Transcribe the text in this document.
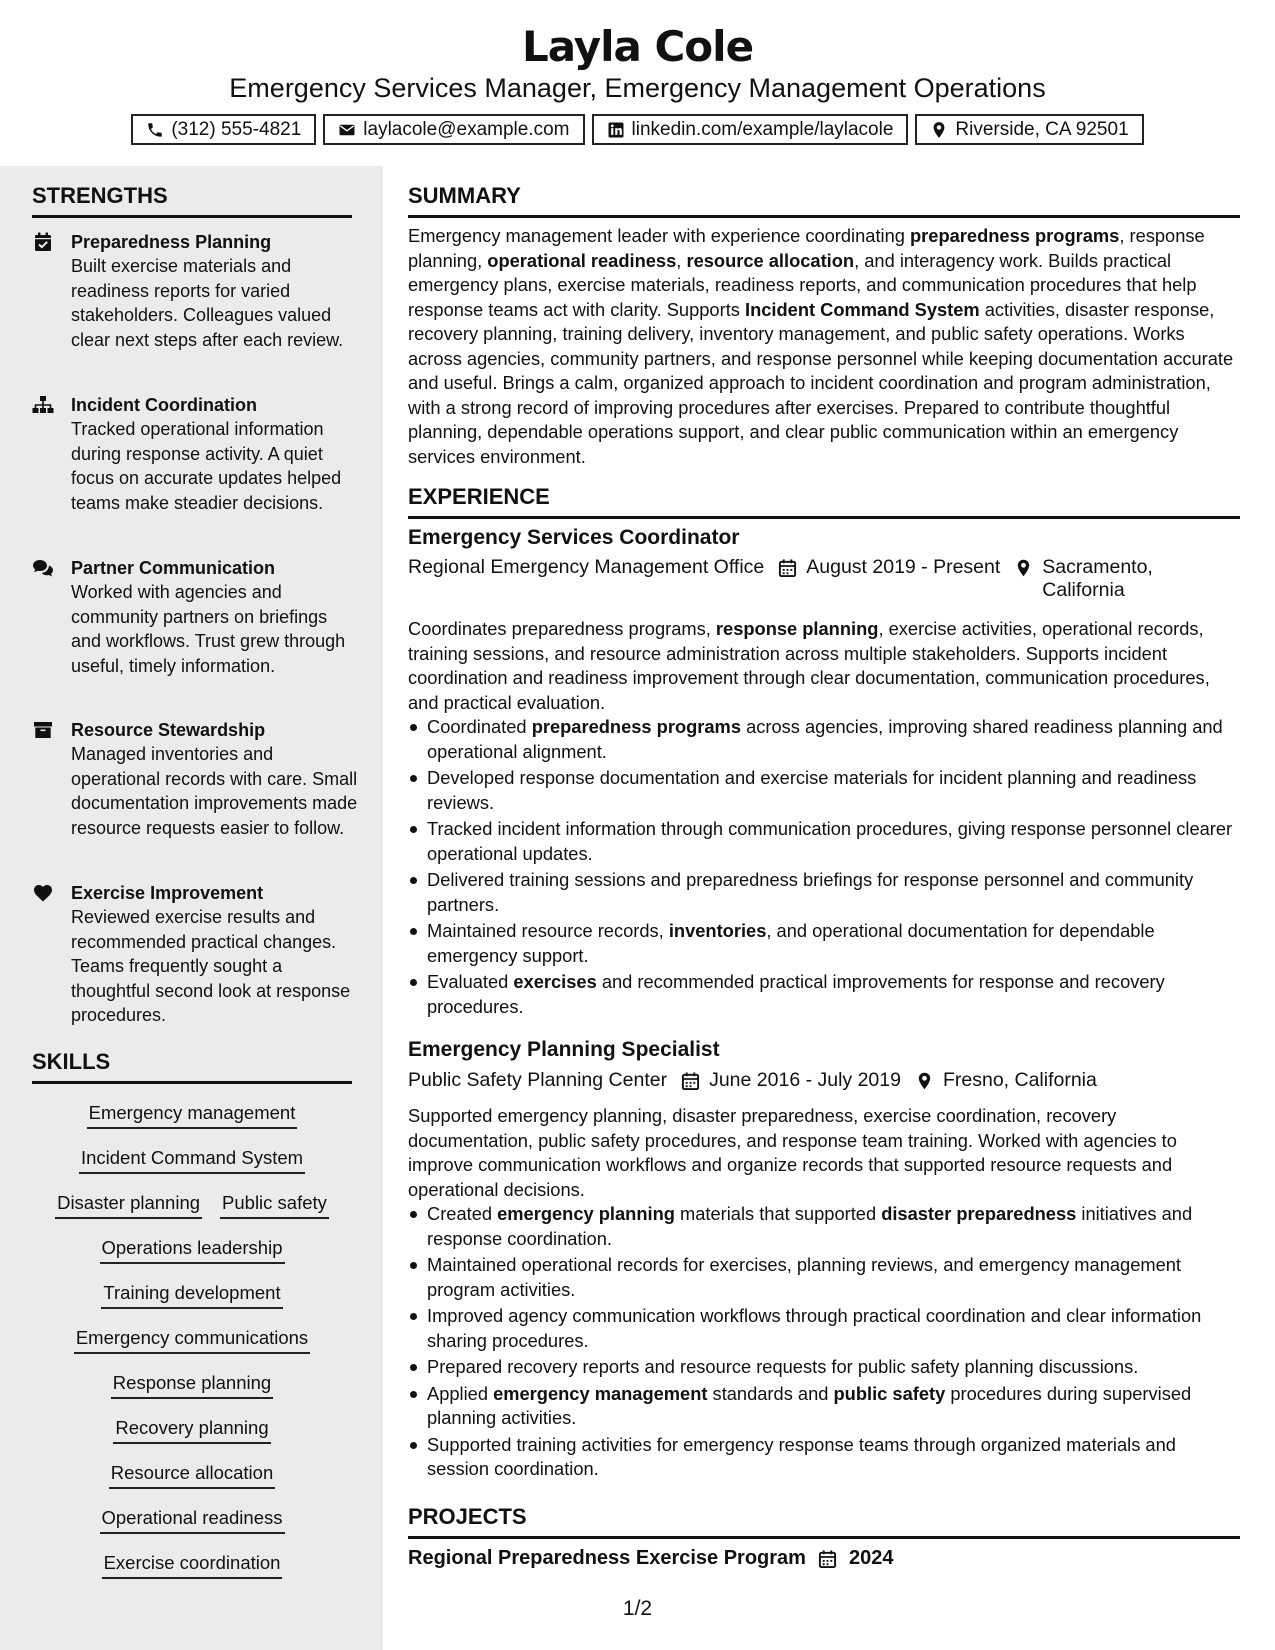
Layla Cole
Emergency Services Manager, Emergency Management Operations
(312) 555-4821	laylacole@example.com	linkedin.com/example/laylacole	Riverside, CA 92501
STRENGTHS
Preparedness Planning
Built exercise materials and readiness reports for varied stakeholders. Colleagues valued clear next steps after each review.
Incident Coordination
Tracked operational information during response activity. A quiet focus on accurate updates helped teams make steadier decisions.
Partner Communication
Worked with agencies and community partners on briefings and workflows. Trust grew through useful, timely information.
Resource Stewardship
Managed inventories and operational records with care. Small documentation improvements made resource requests easier to follow.
Exercise Improvement
Reviewed exercise results and recommended practical changes. Teams frequently sought a thoughtful second look at response procedures.
SKILLS
Emergency management
Incident Command System
Disaster planning Public safety
Operations leadership
Training development
Emergency communications
Response planning
Recovery planning
Resource allocation
Operational readiness
Exercise coordination
SUMMARY
Emergency management leader with experience coordinating preparedness programs, response planning, operational readiness, resource allocation, and interagency work. Builds practical emergency plans, exercise materials, readiness reports, and communication procedures that help response teams act with clarity. Supports Incident Command System activities, disaster response, recovery planning, training delivery, inventory management, and public safety operations. Works across agencies, community partners, and response personnel while keeping documentation accurate and useful. Brings a calm, organized approach to incident coordination and program administration, with a strong record of improving procedures after exercises. Prepared to contribute thoughtful planning, dependable operations support, and clear public communication within an emergency services environment.
EXPERIENCE
Emergency Services Coordinator
Regional Emergency Management Office August 2019 - Present Sacramento, California
Coordinates preparedness programs, response planning, exercise activities, operational records, training sessions, and resource administration across multiple stakeholders. Supports incident coordination and readiness improvement through clear documentation, communication procedures, and practical evaluation.
Coordinated preparedness programs across agencies, improving shared readiness planning and operational alignment.
Developed response documentation and exercise materials for incident planning and readiness reviews.
Tracked incident information through communication procedures, giving response personnel clearer operational updates.
Delivered training sessions and preparedness briefings for response personnel and community partners.
Maintained resource records, inventories, and operational documentation for dependable emergency support.
Evaluated exercises and recommended practical improvements for response and recovery procedures.
Emergency Planning Specialist
Public Safety Planning Center June 2016 - July 2019 Fresno, California
Supported emergency planning, disaster preparedness, exercise coordination, recovery documentation, public safety procedures, and response team training. Worked with agencies to improve communication workflows and organize records that supported resource requests and operational decisions.
Created emergency planning materials that supported disaster preparedness initiatives and response coordination.
Maintained operational records for exercises, planning reviews, and emergency management program activities.
Improved agency communication workflows through practical coordination and clear information sharing procedures.
Prepared recovery reports and resource requests for public safety planning discussions.
Applied emergency management standards and public safety procedures during supervised planning activities.
Supported training activities for emergency response teams through organized materials and session coordination.
PROJECTS
Regional Preparedness Exercise Program 2024
1/2
